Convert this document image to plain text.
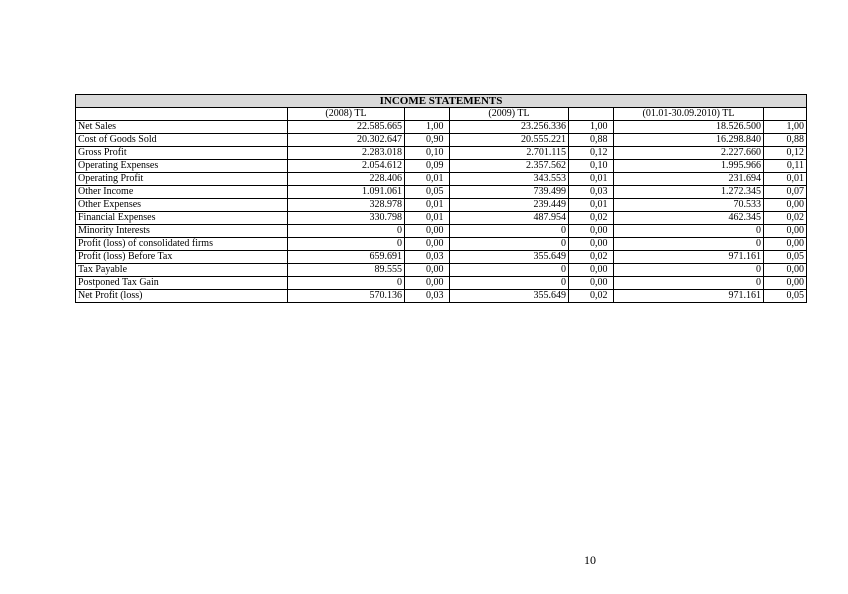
INCOME STATEMENTS						
	(2008) TL		(2009) TL		(01.01-30.09.2010) TL	
Net Sales	22.585.665	1,00	23.256.336	1,00	18.526.500	1,00
Cost of Goods Sold	20.302.647	0,90	20.555.221	0,88	16.298.840	0,88
Gross Profit	2.283.018	0,10	2.701.115	0,12	2.227.660	0,12
Operating Expenses	2.054.612	0,09	2.357.562	0,10	1.995.966	0,11
Operating Profit	228.406	0,01	343.553	0,01	231.694	0,01
Other Income	1.091.061	0,05	739.499	0,03	1.272.345	0,07
Other Expenses	328.978	0,01	239.449	0,01	70.533	0,00
Financial Expenses	330.798	0,01	487.954	0,02	462.345	0,02
Minority Interests	0	0,00	0	0,00	0	0,00
Profit (loss) of consolidated firms	0	0,00	0	0,00	0	0,00
Profit (loss) Before Tax	659.691	0,03	355.649	0,02	971.161	0,05
Tax Payable	89.555	0,00	0	0,00	0	0,00
Postponed Tax Gain	0	0,00	0	0,00	0	0,00
Net Profit (loss)	570.136	0,03	355.649	0,02	971.161	0,05
10
